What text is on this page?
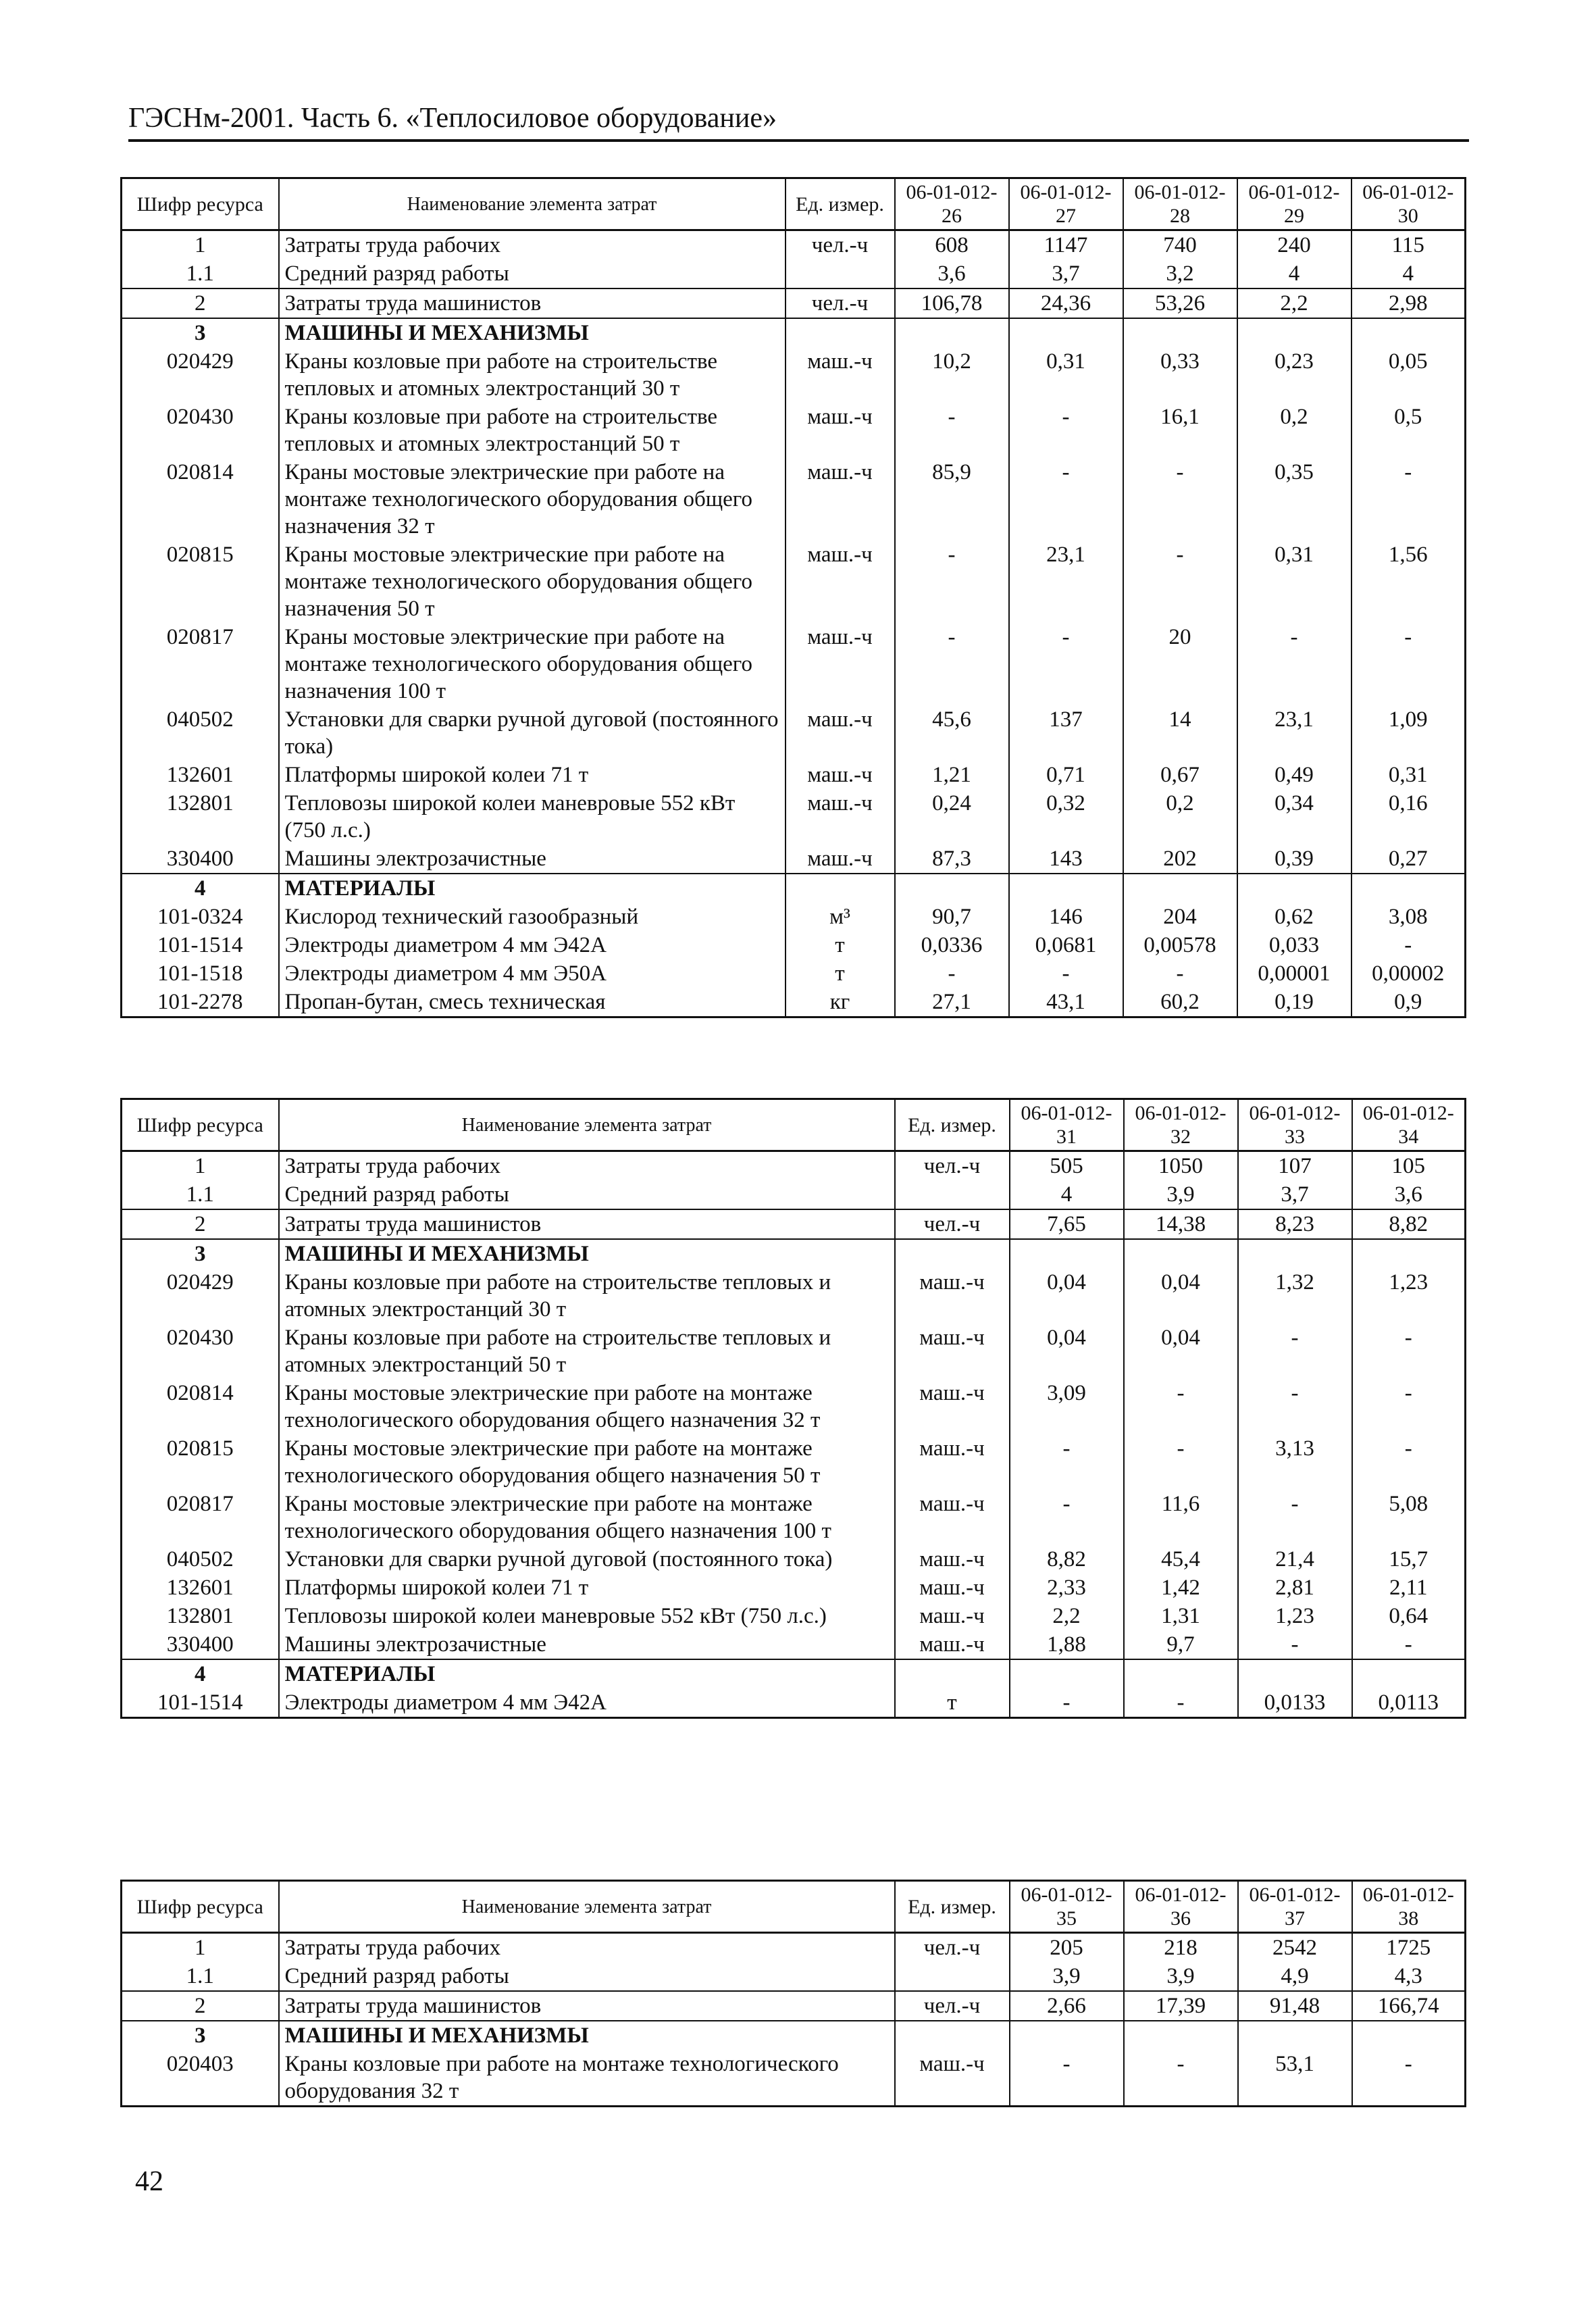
ГЭСНм-2001. Часть 6. «Теплосиловое оборудование»
Шифр ресурса	Наименование элемента затрат	Ед. измер.	06-01-012-26	06-01-012-27	06-01-012-28	06-01-012-29	06-01-012-30
1	Затраты труда рабочих	чел.-ч	608	1147	740	240	115
1.1	Средний разряд работы		3,6	3,7	3,2	4	4
2	Затраты труда машинистов	чел.-ч	106,78	24,36	53,26	2,2	2,98
3	МАШИНЫ И МЕХАНИЗМЫ						
020429	Краны козловые при работе на строительстве тепловых и атомных электростанций 30 т	маш.-ч	10,2	0,31	0,33	0,23	0,05
020430	Краны козловые при работе на строительстве тепловых и атомных электростанций 50 т	маш.-ч	-	-	16,1	0,2	0,5
020814	Краны мостовые электрические при работе на монтаже технологического оборудования общего назначения 32 т	маш.-ч	85,9	-	-	0,35	-
020815	Краны мостовые электрические при работе на монтаже технологического оборудования общего назначения 50 т	маш.-ч	-	23,1	-	0,31	1,56
020817	Краны мостовые электрические при работе на монтаже технологического оборудования общего назначения 100 т	маш.-ч	-	-	20	-	-
040502	Установки для сварки ручной дуговой (постоянного тока)	маш.-ч	45,6	137	14	23,1	1,09
132601	Платформы широкой колеи 71 т	маш.-ч	1,21	0,71	0,67	0,49	0,31
132801	Тепловозы широкой колеи маневровые 552 кВт (750 л.с.)	маш.-ч	0,24	0,32	0,2	0,34	0,16
330400	Машины электрозачистные	маш.-ч	87,3	143	202	0,39	0,27
4	МАТЕРИАЛЫ						
101-0324	Кислород технический газообразный	м³	90,7	146	204	0,62	3,08
101-1514	Электроды диаметром 4 мм Э42А	т	0,0336	0,0681	0,00578	0,033	-
101-1518	Электроды диаметром 4 мм Э50А	т	-	-	-	0,00001	0,00002
101-2278	Пропан-бутан, смесь техническая	кг	27,1	43,1	60,2	0,19	0,9
Шифр ресурса	Наименование элемента затрат	Ед. измер.	06-01-012-31	06-01-012-32	06-01-012-33	06-01-012-34
1	Затраты труда рабочих	чел.-ч	505	1050	107	105
1.1	Средний разряд работы		4	3,9	3,7	3,6
2	Затраты труда машинистов	чел.-ч	7,65	14,38	8,23	8,82
3	МАШИНЫ И МЕХАНИЗМЫ					
020429	Краны козловые при работе на строительстве тепловых и атомных электростанций 30 т	маш.-ч	0,04	0,04	1,32	1,23
020430	Краны козловые при работе на строительстве тепловых и атомных электростанций 50 т	маш.-ч	0,04	0,04	-	-
020814	Краны мостовые электрические при работе на монтаже технологического оборудования общего назначения 32 т	маш.-ч	3,09	-	-	-
020815	Краны мостовые электрические при работе на монтаже технологического оборудования общего назначения 50 т	маш.-ч	-	-	3,13	-
020817	Краны мостовые электрические при работе на монтаже технологического оборудования общего назначения 100 т	маш.-ч	-	11,6	-	5,08
040502	Установки для сварки ручной дуговой (постоянного тока)	маш.-ч	8,82	45,4	21,4	15,7
132601	Платформы широкой колеи 71 т	маш.-ч	2,33	1,42	2,81	2,11
132801	Тепловозы широкой колеи маневровые 552 кВт (750 л.с.)	маш.-ч	2,2	1,31	1,23	0,64
330400	Машины электрозачистные	маш.-ч	1,88	9,7	-	-
4	МАТЕРИАЛЫ					
101-1514	Электроды диаметром 4 мм Э42А	т	-	-	0,0133	0,0113
Шифр ресурса	Наименование элемента затрат	Ед. измер.	06-01-012-35	06-01-012-36	06-01-012-37	06-01-012-38
1	Затраты труда рабочих	чел.-ч	205	218	2542	1725
1.1	Средний разряд работы		3,9	3,9	4,9	4,3
2	Затраты труда машинистов	чел.-ч	2,66	17,39	91,48	166,74
3	МАШИНЫ И МЕХАНИЗМЫ					
020403	Краны козловые при работе на монтаже технологического оборудования 32 т	маш.-ч	-	-	53,1	-
42
